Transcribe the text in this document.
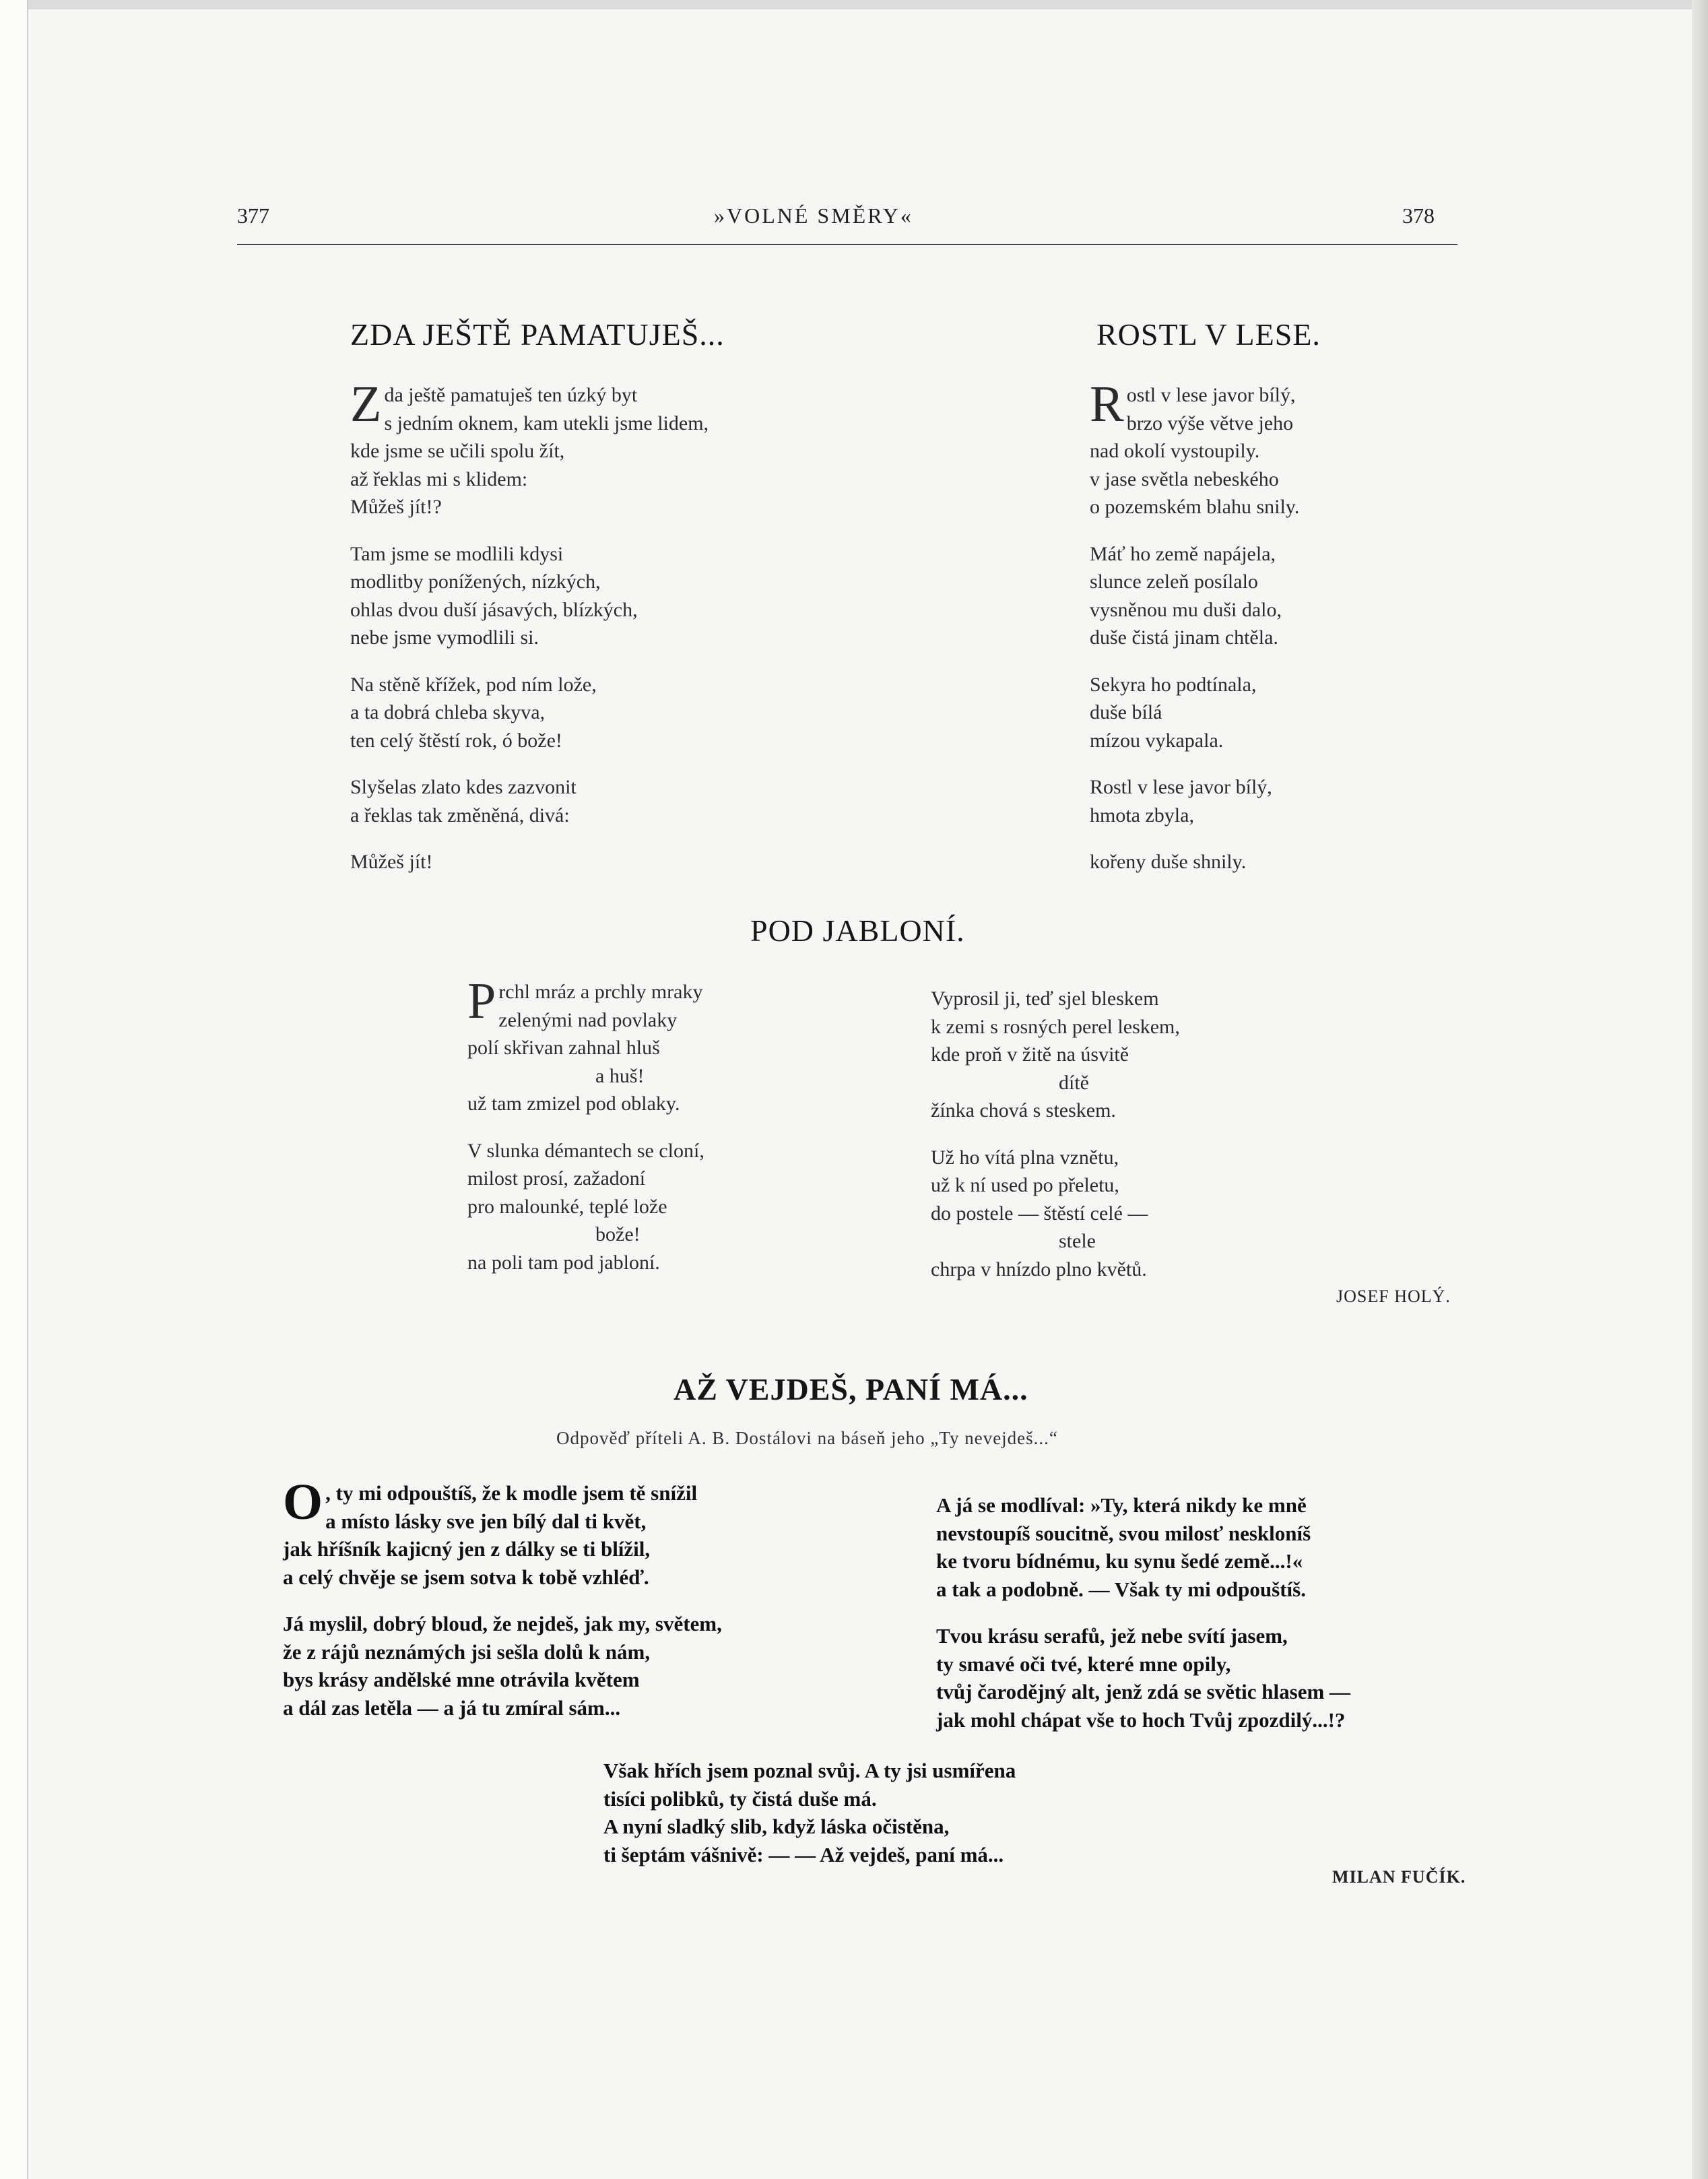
377	»VOLNÉ SMĚRY«	378
ZDA JEŠTĚ PAMATUJEŠ...
Zda ještě pamatuješ ten úzký byt
s jedním oknem, kam utekli jsme lidem,
kde jsme se učili spolu žít,
až řeklas mi s klidem:
Můžeš jít!?
Tam jsme se modlili kdysi
modlitby ponížených, nízkých,
ohlas dvou duší jásavých, blízkých,
nebe jsme vymodlili si.
Na stěně křížek, pod ním lože,
a ta dobrá chleba skyva,
ten celý štěstí rok, ó bože!
Slyšelas zlato kdes zazvonit
a řeklas tak změněná, divá:
Můžeš jít!
ROSTL V LESE.
Rostl v lese javor bílý,
brzo výše větve jeho
nad okolí vystoupily.
v jase světla nebeského
o pozemském blahu snily.
Máť ho země napájela,
slunce zeleň posílalo
vysněnou mu duši dalo,
duše čistá jinam chtěla.
Sekyra ho podtínala,
duše bílá
mízou vykapala.
Rostl v lese javor bílý,
hmota zbyla,
kořeny duše shnily.
POD JABLONÍ.
Prchl mráz a prchly mraky
zelenými nad povlaky
polí skřivan zahnal hluš
a huš!
už tam zmizel pod oblaky.
V slunka démantech se cloní,
milost prosí, zažadoní
pro malounké, teplé lože
bože!
na poli tam pod jabloní.
Vyprosil ji, teď sjel bleskem
k zemi s rosných perel leskem,
kde proň v žitě na úsvitě
dítě
žínka chová s steskem.
Už ho vítá plna vznětu,
už k ní used po přeletu,
do postele — štěstí celé —
stele
chrpa v hnízdo plno květů.
JOSEF HOLÝ.
AŽ VEJDEŠ, PANÍ MÁ...
Odpověď příteli A. B. Dostálovi na báseň jeho „Ty nevejdeš...“
O , ty mi odpouštíš, že k modle jsem tě snížil
a místo lásky sve jen bílý dal ti květ,
jak hříšník kajicný jen z dálky se ti blížil,
a celý chvěje se jsem sotva k tobě vzhléď.
Já myslil, dobrý bloud, že nejdeš, jak my, světem,
že z rájů neznámých jsi sešla dolů k nám,
bys krásy andělské mne otrávila květem
a dál zas letěla — a já tu zmíral sám...
A já se modlíval: »Ty, která nikdy ke mně
nevstoupíš soucitně, svou milosť neskloníš
ke tvoru bídnému, ku synu šedé země...!«
a tak a podobně. — Však ty mi odpouštíš.
Tvou krásu serafů, jež nebe svítí jasem,
ty smavé oči tvé, které mne opily,
tvůj čarodějný alt, jenž zdá se světic hlasem —
jak mohl chápat vše to hoch Tvůj zpozdilý...!?
Však hřích jsem poznal svůj. A ty jsi usmířena
tisíci polibků, ty čistá duše má.
A nyní sladký slib, když láska očistěna,
ti šeptám vášnivě: — — Až vejdeš, paní má...
MILAN FUČÍK.
